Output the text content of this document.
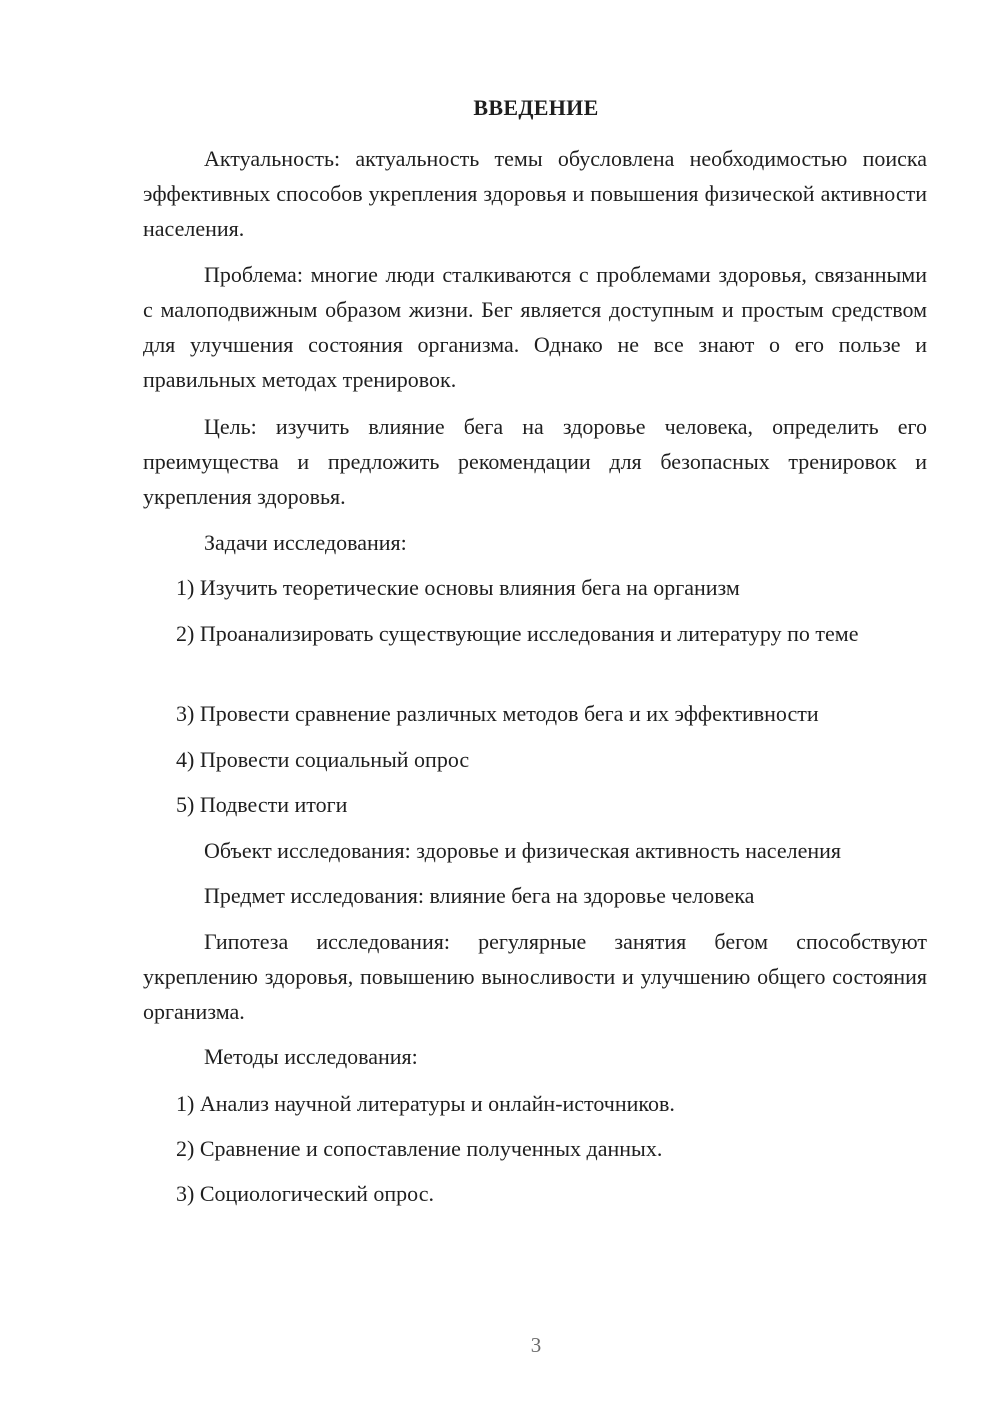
ВВЕДЕНИЕ

Актуальность: актуальность темы обусловлена необходимостью поиска эффективных способов укрепления здоровья и повышения физической активности населения.

Проблема: многие люди сталкиваются с проблемами здоровья, связанными с малоподвижным образом жизни. Бег является доступным и простым средством для улучшения состояния организма. Однако не все знают о его пользе и правильных методах тренировок.

Цель: изучить влияние бега на здоровье человека, определить его преимущества и предложить рекомендации для безопасных тренировок и укрепления здоровья.

Задачи исследования:

1) Изучить теоретические основы влияния бега на организм

2) Проанализировать существующие исследования и литературу по теме

3) Провести сравнение различных методов бега и их эффективности

4) Провести социальный опрос

5) Подвести итоги

Объект исследования: здоровье и физическая активность населения

Предмет исследования: влияние бега на здоровье человека

Гипотеза исследования: регулярные занятия бегом способствуют укреплению здоровья, повышению выносливости и улучшению общего состояния организма.

Методы исследования:

1) Анализ научной литературы и онлайн-источников.

2) Сравнение и сопоставление полученных данных.

3) Социологический опрос.

3
